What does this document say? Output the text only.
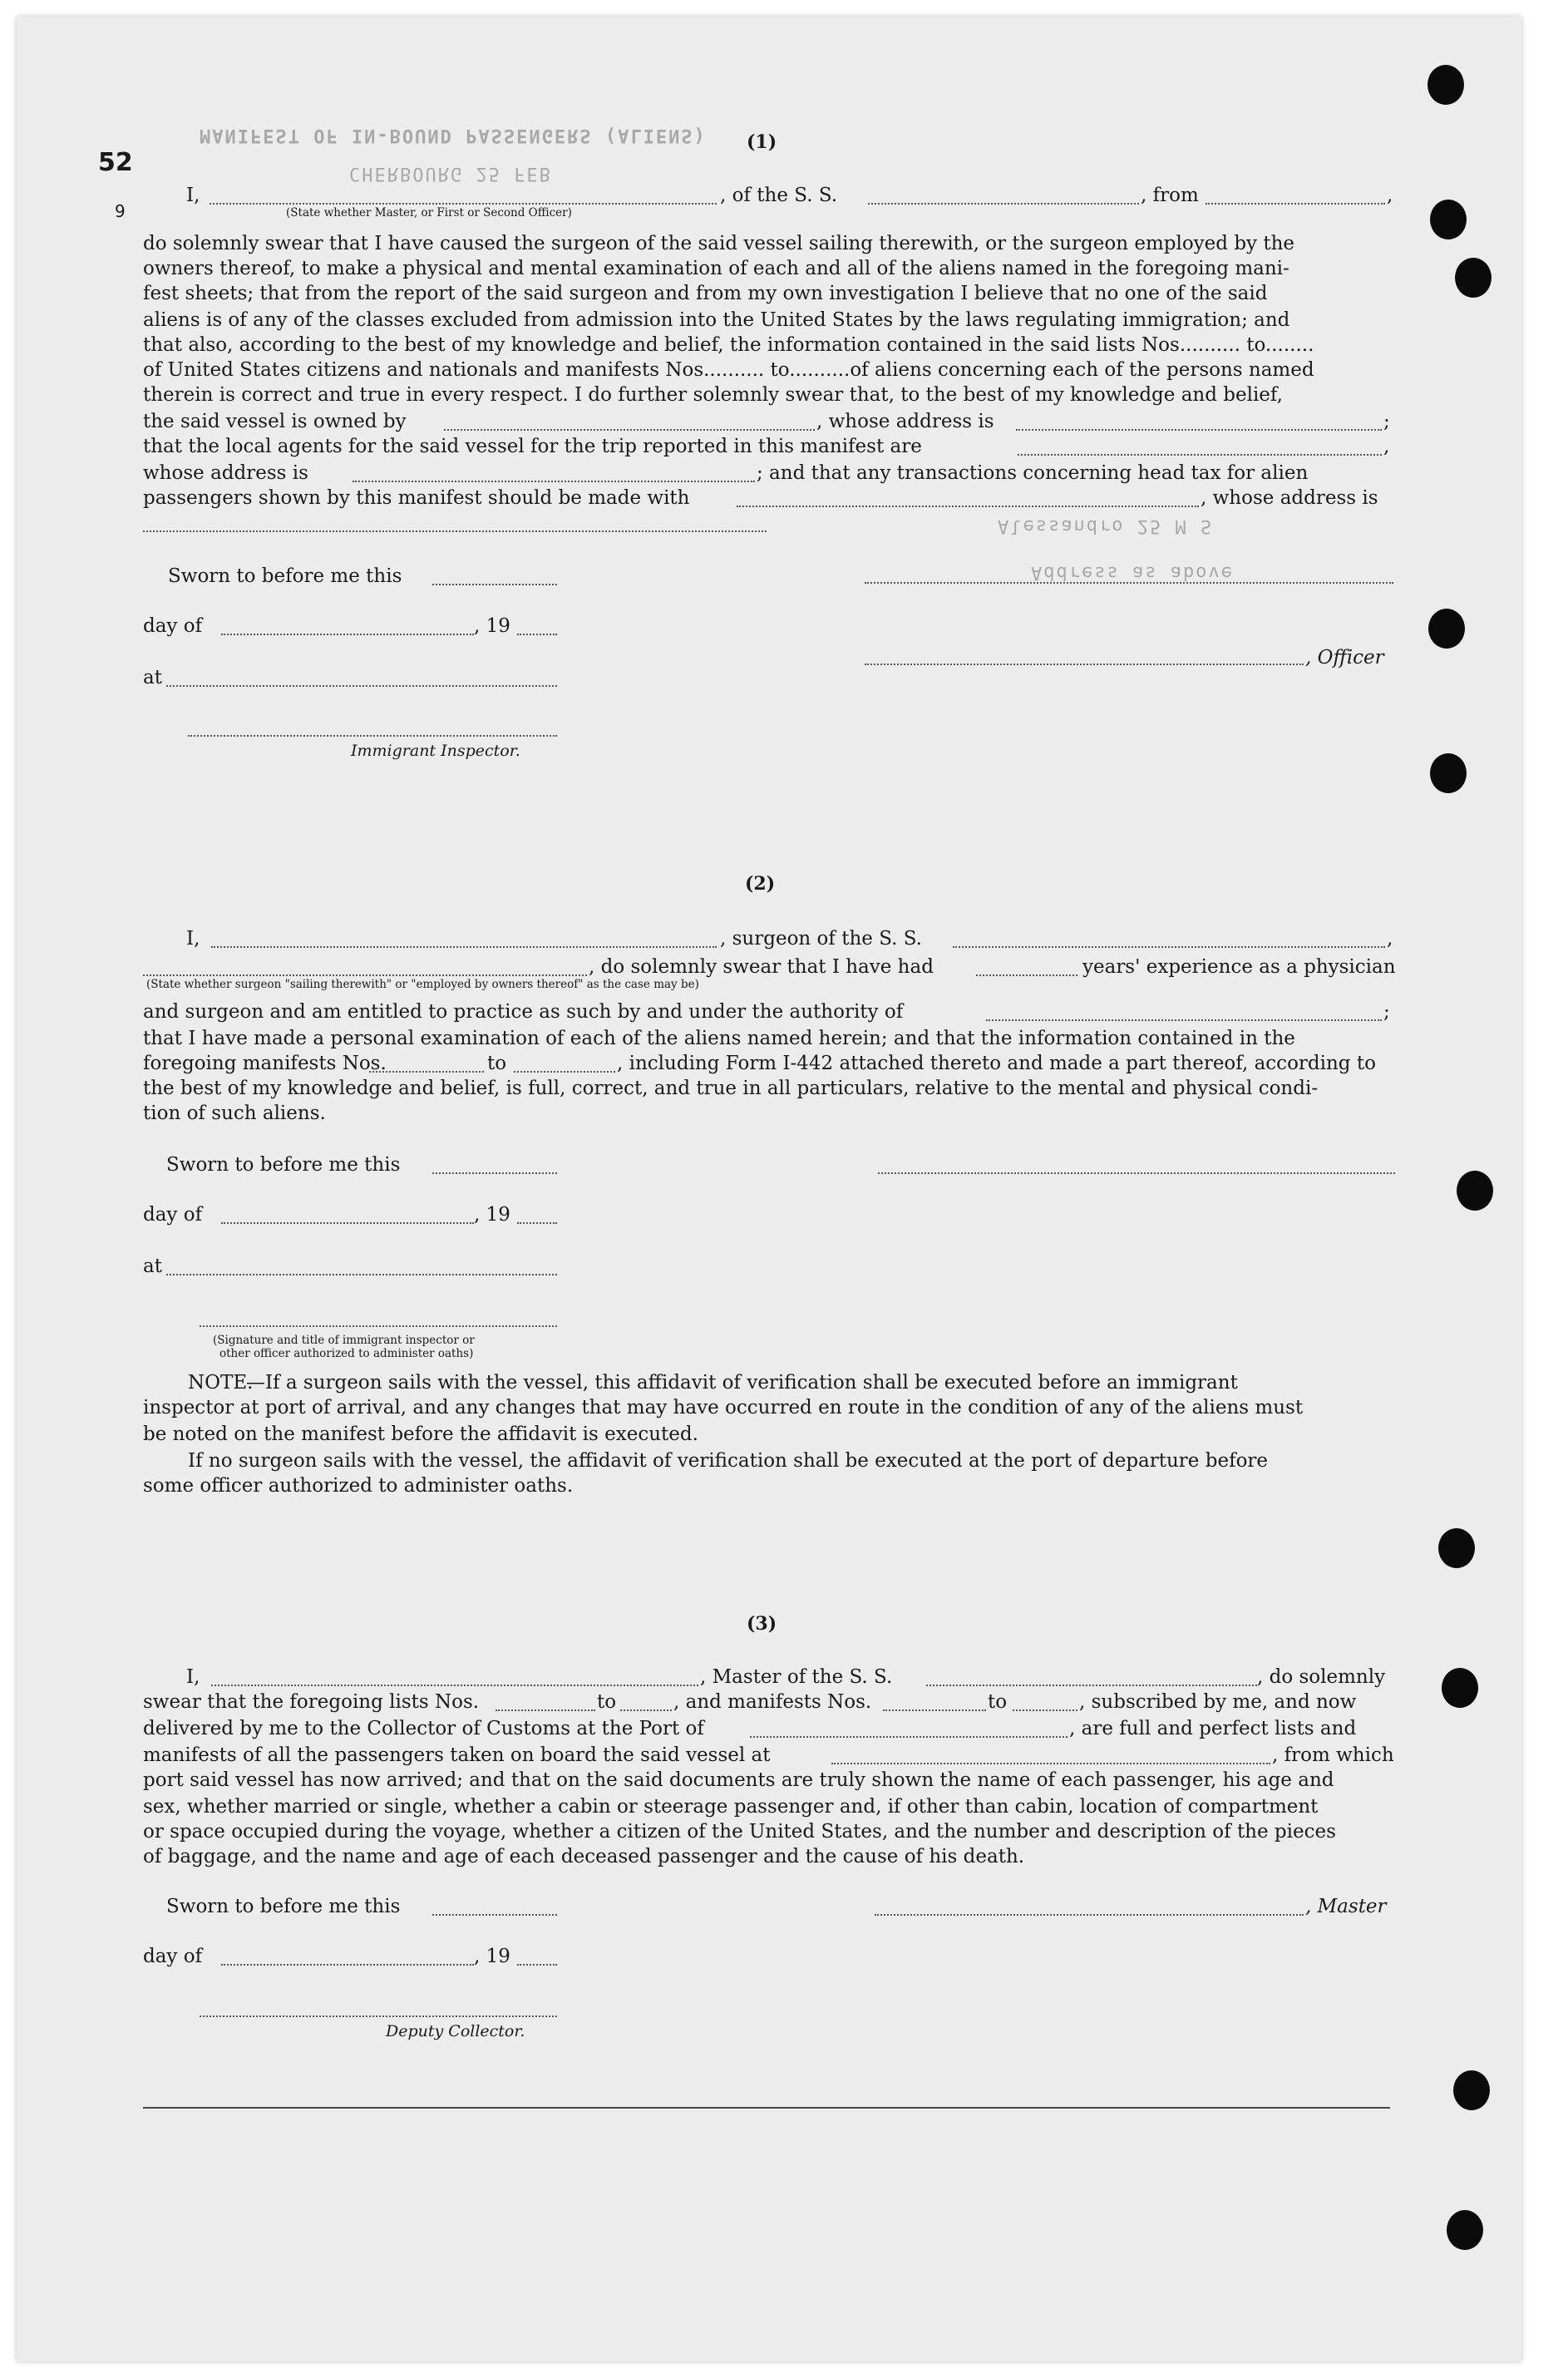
MANIFEST OF IN-BOUND PASSENGERS (ALIENS)
CHERBOURG 25 FEB
Alessandro 25 M S
Address as above
52
9
(1)
I,	, of the S. S.	, from	,
(State whether Master, or First or Second Officer)
do solemnly swear that I have caused the surgeon of the said vessel sailing therewith, or the surgeon employed by the
owners thereof, to make a physical and mental examination of each and all of the aliens named in the foregoing mani-
fest sheets; that from the report of the said surgeon and from my own investigation I believe that no one of the said
aliens is of any of the classes excluded from admission into the United States by the laws regulating immigration; and
that also, according to the best of my knowledge and belief, the information contained in the said lists Nos.......... to........
of United States citizens and nationals and manifests Nos.......... to..........of aliens concerning each of the persons named
therein is correct and true in every respect. I do further solemnly swear that, to the best of my knowledge and belief,
the said vessel is owned by	, whose address is	;
that the local agents for the said vessel for the trip reported in this manifest are	,
whose address is	; and that any transactions concerning head tax for alien
passengers shown by this manifest should be made with	, whose address is
Sworn to before me this
day of	, 19
, Officer
at
Immigrant Inspector.
(2)
I,	, surgeon of the S. S.	,
, do solemnly swear that I have had	years' experience as a physician
(State whether surgeon "sailing therewith" or "employed by owners thereof" as the case may be)
and surgeon and am entitled to practice as such by and under the authority of	;
that I have made a personal examination of each of the aliens named herein; and that the information contained in the
foregoing manifests Nos.	to	, including Form I-442 attached thereto and made a part thereof, according to
the best of my knowledge and belief, is full, correct, and true in all particulars, relative to the mental and physical condi-
tion of such aliens.
Sworn to before me this
day of	, 19
at
(Signature and title of immigrant inspector or
other officer authorized to administer oaths)
NOTE.
—If a surgeon sails with the vessel, this affidavit of verification shall be executed before an immigrant
inspector at port of arrival, and any changes that may have occurred en route in the condition of any of the aliens must
be noted on the manifest before the affidavit is executed.
If no surgeon sails with the vessel, the affidavit of verification shall be executed at the port of departure before
some officer authorized to administer oaths.
(3)
I,	, Master of the S. S.	, do solemnly
swear that the foregoing lists Nos.	to	, and manifests Nos.	to	, subscribed by me, and now
delivered by me to the Collector of Customs at the Port of	, are full and perfect lists and
manifests of all the passengers taken on board the said vessel at	, from which
port said vessel has now arrived; and that on the said documents are truly shown the name of each passenger, his age and
sex, whether married or single, whether a cabin or steerage passenger and, if other than cabin, location of compartment
or space occupied during the voyage, whether a citizen of the United States, and the number and description of the pieces
of baggage, and the name and age of each deceased passenger and the cause of his death.
Sworn to before me this	, Master
day of	, 19
Deputy Collector.
